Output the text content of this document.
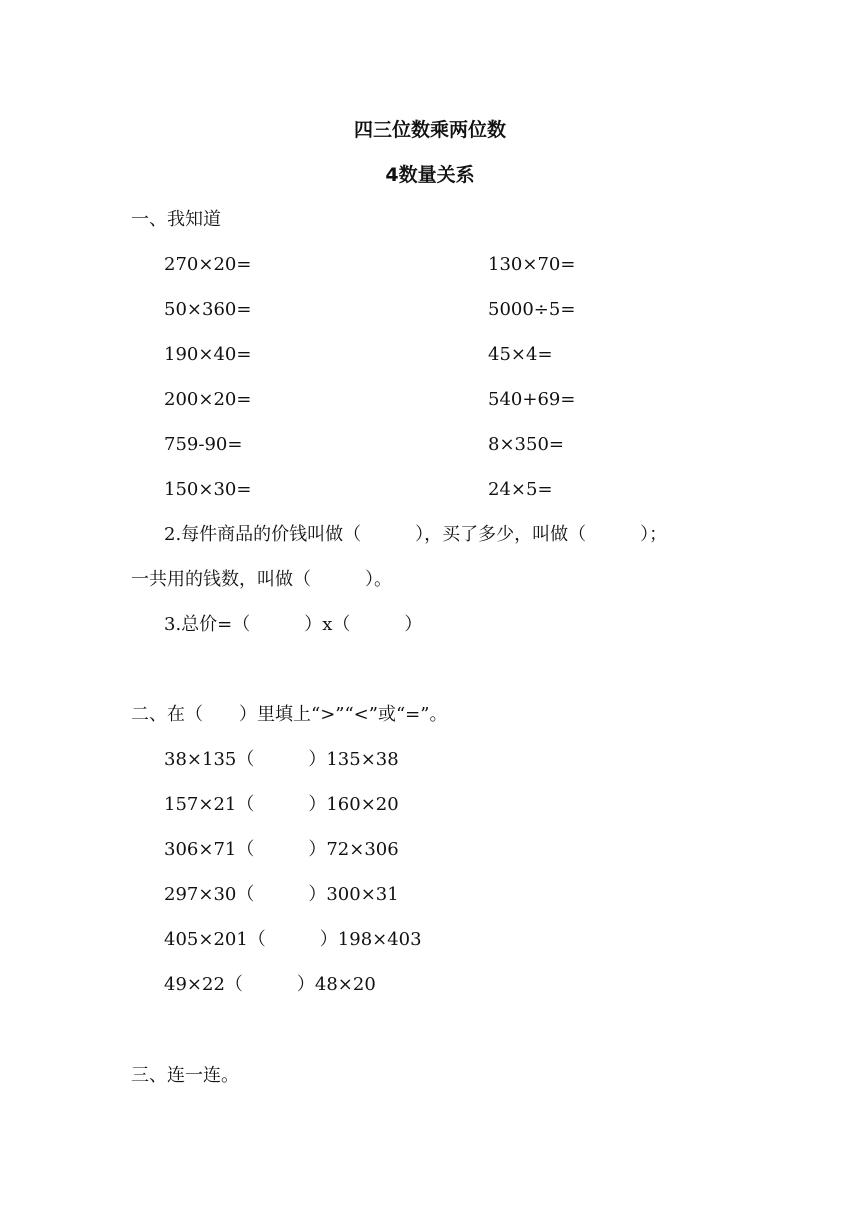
四三位数乘两位数
4数量关系
一、我知道
270×20=	130×70=
50×360=	5000÷5=
190×40=	45×4=
200×20=	540+69=
759-90=	8×350=
150×30=	24×5=
2.每件商品的价钱叫做（　　　），买了多少，叫做（　　　）；
一共用的钱数，叫做（　　　）。
3.总价=（　　　）x（　　　）
二、在（　　）里填上“>”“<”或“=”。
38×135（　　　）135×38
157×21（　　　）160×20
306×71（　　　）72×306
297×30（　　　）300×31
405×201（　　　）198×403
49×22（　　　）48×20
三、连一连。
